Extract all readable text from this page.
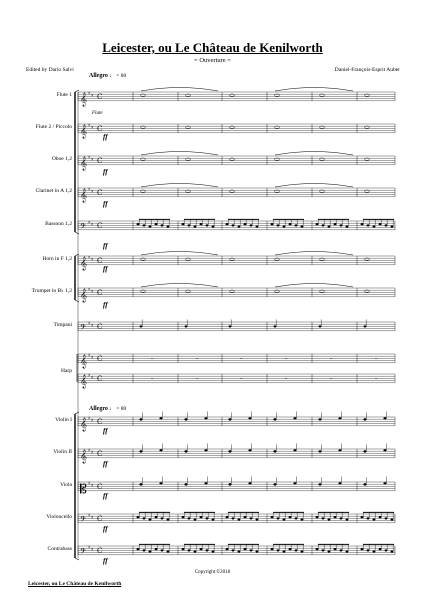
Leicester, ou Le Château de Kenilworth
= Ouverture =
Edited by Dario Salvi	Daniel-François-Esprit Auber
Allegro ♩ = 80
Allegro ♩ = 80
Flute
Flute 1
Flute 2 / Piccolo
Oboe 1,2
Clarinet in A 1,2
Bassoon 1,2
Horn in F 1,2
Trumpet in B♭ 1,2
Timpani
Harp
Violin I
Violin II
Viola
Violoncello
Contrabass
𝄞 ♯ ♯ C
𝄞 ♯ ♯ C
𝄞 ♯ ♯ C
𝄞 ♯ ♯ C
𝄢 ♯ ♯ C
𝄞 ♯ ♯ C
𝄞 ♯ ♯ C
𝄢 ♯ ♯ C
𝄞 ♯ ♯ C	𝄼	𝄼	𝄼	𝄼	𝄼	𝄼
𝄞 ♯ ♯ C	𝄼	𝄼	𝄼	𝄼	𝄼	𝄼
𝄞 ♯ ♯ C
𝄞 ♯ ♯ C
𝄡 ♯ ♯ C
𝄢 ♯ ♯ C
𝄢 ♯ ♯ C
ff
ff
ff
ff
ff
ff
ff
ff
ff
ff
ff
Copyright ©2018
Leicester, ou Le Château de Kenilworth
